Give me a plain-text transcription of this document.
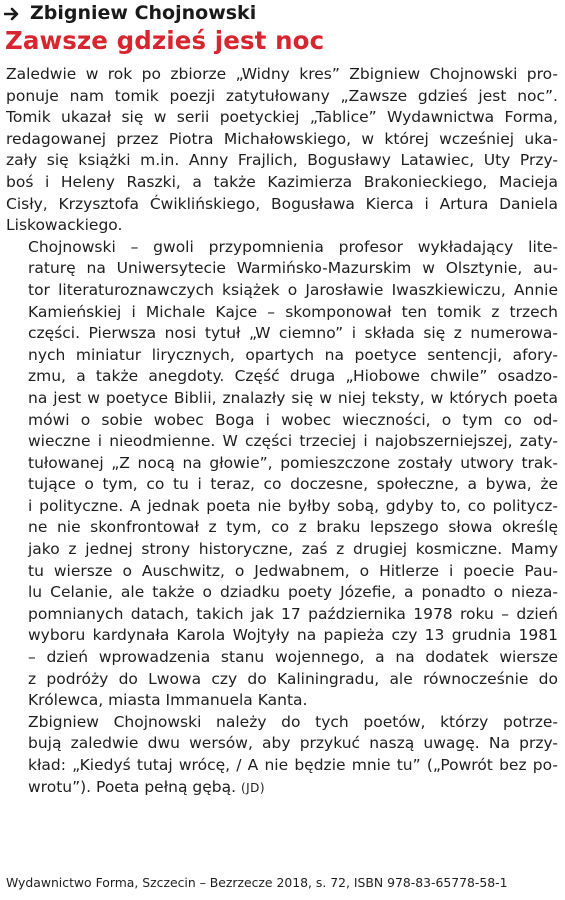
Zbigniew Chojnowski
Zawsze gdzieś jest noc

Zaledwie w rok po zbiorze „Widny kres” Zbigniew Chojnowski pro-
ponuje nam tomik poezji zatytułowany „Zawsze gdzieś jest noc”.
Tomik ukazał się w serii poetyckiej „Tablice” Wydawnictwa Forma,
redagowanej przez Piotra Michałowskiego, w której wcześniej uka-
zały się książki m.in. Anny Frajlich, Bogusławy Latawiec, Uty Przy-
boś i Heleny Raszki, a także Kazimierza Brakonieckiego, Macieja
Cisły, Krzysztofa Ćwiklińskiego, Bogusława Kierca i Artura Daniela
Liskowackiego.

Chojnowski – gwoli przypomnienia profesor wykładający lite-
raturę na Uniwersytecie Warmińsko-Mazurskim w Olsztynie, au-
tor literaturoznawczych książek o Jarosławie Iwaszkiewiczu, Annie
Kamieńskiej i Michale Kajce – skomponował ten tomik z trzech
części. Pierwsza nosi tytuł „W ciemno” i składa się z numerowa-
nych miniatur lirycznych, opartych na poetyce sentencji, afory-
zmu, a także anegdoty. Część druga „Hiobowe chwile” osadzo-
na jest w poetyce Biblii, znalazły się w niej teksty, w których poeta
mówi o sobie wobec Boga i wobec wieczności, o tym co od-
wieczne i nieodmienne. W części trzeciej i najobszerniejszej, zaty-
tułowanej „Z nocą na głowie”, pomieszczone zostały utwory trak-
tujące o tym, co tu i teraz, co doczesne, społeczne, a bywa, że
i polityczne. A jednak poeta nie byłby sobą, gdyby to, co politycz-
ne nie skonfrontował z tym, co z braku lepszego słowa określę
jako z jednej strony historyczne, zaś z drugiej kosmiczne. Mamy
tu wiersze o Auschwitz, o Jedwabnem, o Hitlerze i poecie Pau-
lu Celanie, ale także o dziadku poety Józefie, a ponadto o nieza-
pomnianych datach, takich jak 17 października 1978 roku – dzień
wyboru kardynała Karola Wojtyły na papieża czy 13 grudnia 1981
– dzień wprowadzenia stanu wojennego, a na dodatek wiersze
z podróży do Lwowa czy do Kaliningradu, ale równocześnie do
Królewca, miasta Immanuela Kanta.

Zbigniew Chojnowski należy do tych poetów, którzy potrze-
bują zaledwie dwu wersów, aby przykuć naszą uwagę. Na przy-
kład: „Kiedyś tutaj wrócę, / A nie będzie mnie tu” („Powrót bez po-
wrotu”). Poeta pełną gębą. (JD)

Wydawnictwo Forma, Szczecin – Bezrzecze 2018, s. 72, ISBN 978-83-65778-58-1
